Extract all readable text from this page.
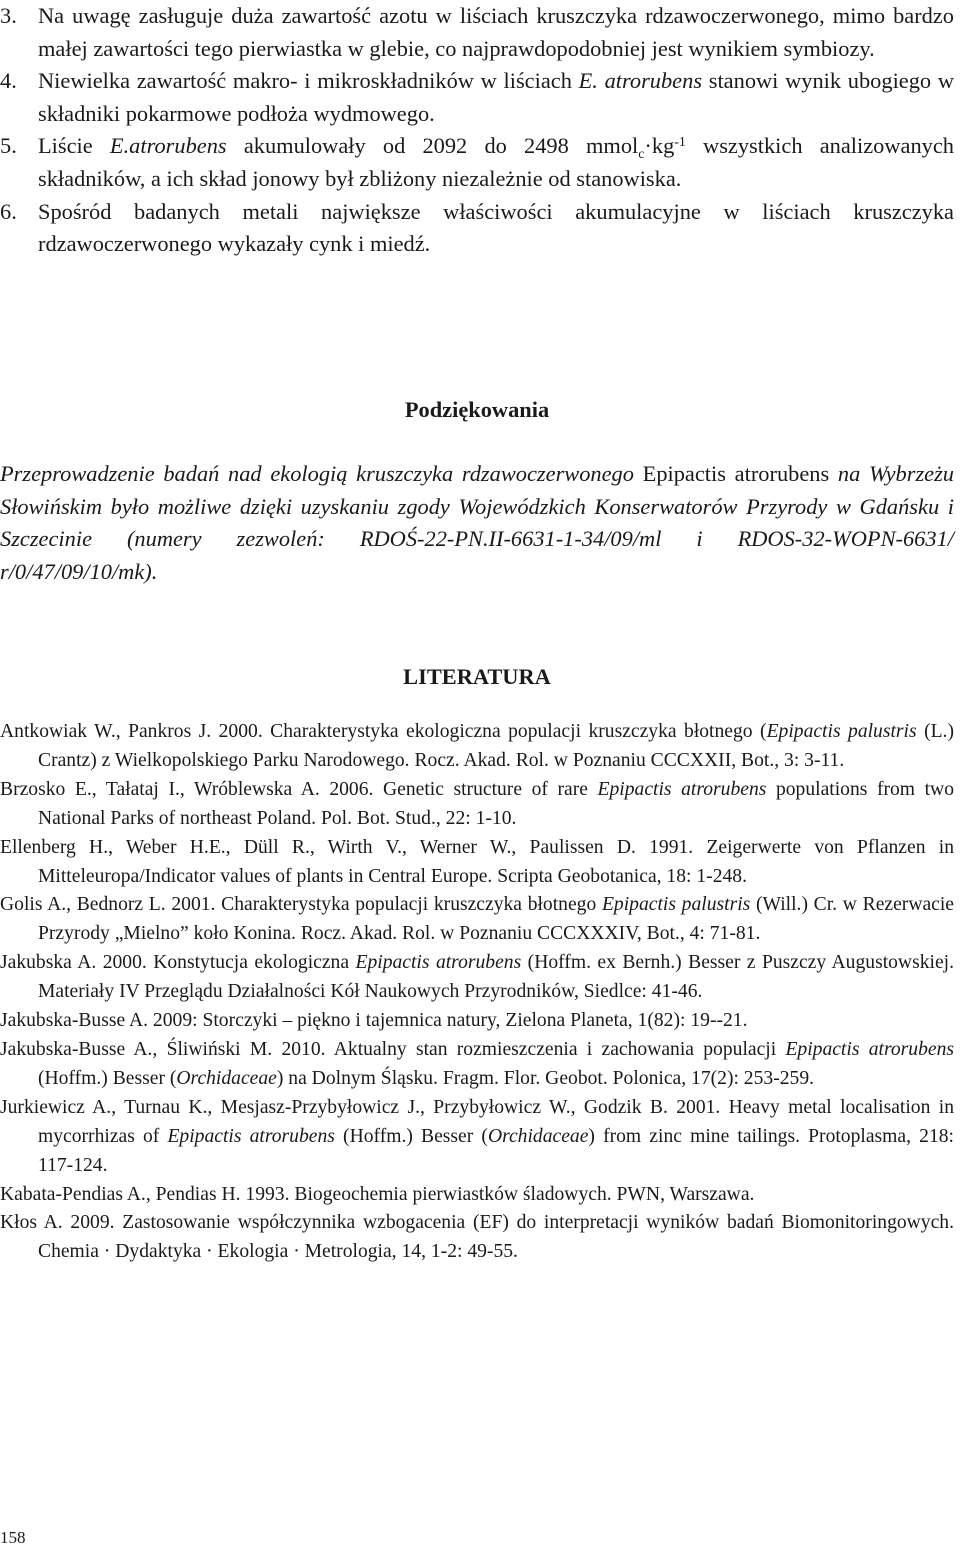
3. Na uwagę zasługuje duża zawartość azotu w liściach kruszczyka rdzawoczerwonego, mimo bardzo małej zawartości tego pierwiastka w glebie, co najprawdopodobniej jest wynikiem symbiozy.

4. Niewielka zawartość makro- i mikroskładników w liściach E. atrorubens stanowi wynik ubogiego w składniki pokarmowe podłoża wydmowego.

5. Liście E.atrorubens akumulowały od 2092 do 2498 $mmol_c\cdot kg^{-1}$ wszystkich analizowanych składników, a ich skład jonowy był zbliżony niezależnie od stanowiska.

6. Spośród badanych metali największe właściwości akumulacyjne w liściach kruszczyka rdzawoczerwonego wykazały cynk i miedź.

Podziękowania

Przeprowadzenie badań nad ekologią kruszczyka rdzawoczerwonego Epipactis atrorubens na Wybrzeżu Słowińskim było możliwe dzięki uzyskaniu zgody Wojewódzkich Konserwatorów Przyrody w Gdańsku i Szczecinie (numery zezwoleń: RDOŚ-22-PN.II-6631-1-34/09/ml i RDOS-32-WOPN-6631/ r/0/47/09/10/mk).

LITERATURA

Antkowiak W., Pankros J. 2000. Charakterystyka ekologiczna populacji kruszczyka błotnego (Epipactis palustris (L.) Crantz) z Wielkopolskiego Parku Narodowego. Rocz. Akad. Rol. w Poznaniu CCCXXII, Bot., 3: 3-11.

Brzosko E., Tałataj I., Wróblewska A. 2006. Genetic structure of rare Epipactis atrorubens populations from two National Parks of northeast Poland. Pol. Bot. Stud., 22: 1-10.

Ellenberg H., Weber H.E., Düll R., Wirth V., Werner W., Paulissen D. 1991. Zeigerwerte von Pflanzen in Mitteleuropa/Indicator values of plants in Central Europe. Scripta Geobotanica, 18: 1-248.

Golis A., Bednorz L. 2001. Charakterystyka populacji kruszczyka błotnego Epipactis palustris (Will.) Cr. w Rezerwacie Przyrody „Mielno” koło Konina. Rocz. Akad. Rol. w Poznaniu CCCXXXIV, Bot., 4: 71-81.

Jakubska A. 2000. Konstytucja ekologiczna Epipactis atrorubens (Hoffm. ex Bernh.) Besser z Puszczy Augustowskiej. Materiały IV Przeglądu Działalności Kół Naukowych Przyrodników, Siedlce: 41-46.

Jakubska-Busse A. 2009: Storczyki – piękno i tajemnica natury, Zielona Planeta, 1(82): 19--21.

Jakubska-Busse A., Śliwiński M. 2010. Aktualny stan rozmieszczenia i zachowania populacji Epipactis atrorubens (Hoffm.) Besser (Orchidaceae) na Dolnym Śląsku. Fragm. Flor. Geobot. Polonica, 17(2): 253-259.

Jurkiewicz A., Turnau K., Mesjasz-Przybyłowicz J., Przybyłowicz W., Godzik B. 2001. Heavy metal localisation in mycorrhizas of Epipactis atrorubens (Hoffm.) Besser (Orchidaceae) from zinc mine tailings. Protoplasma, 218: 117-124.

Kabata-Pendias A., Pendias H. 1993. Biogeochemia pierwiastków śladowych. PWN, Warszawa.

Kłos A. 2009. Zastosowanie współczynnika wzbogacenia (EF) do interpretacji wyników badań Biomonitoringowych. Chemia · Dydaktyka · Ekologia · Metrologia, 14, 1-2: 49-55.

158
